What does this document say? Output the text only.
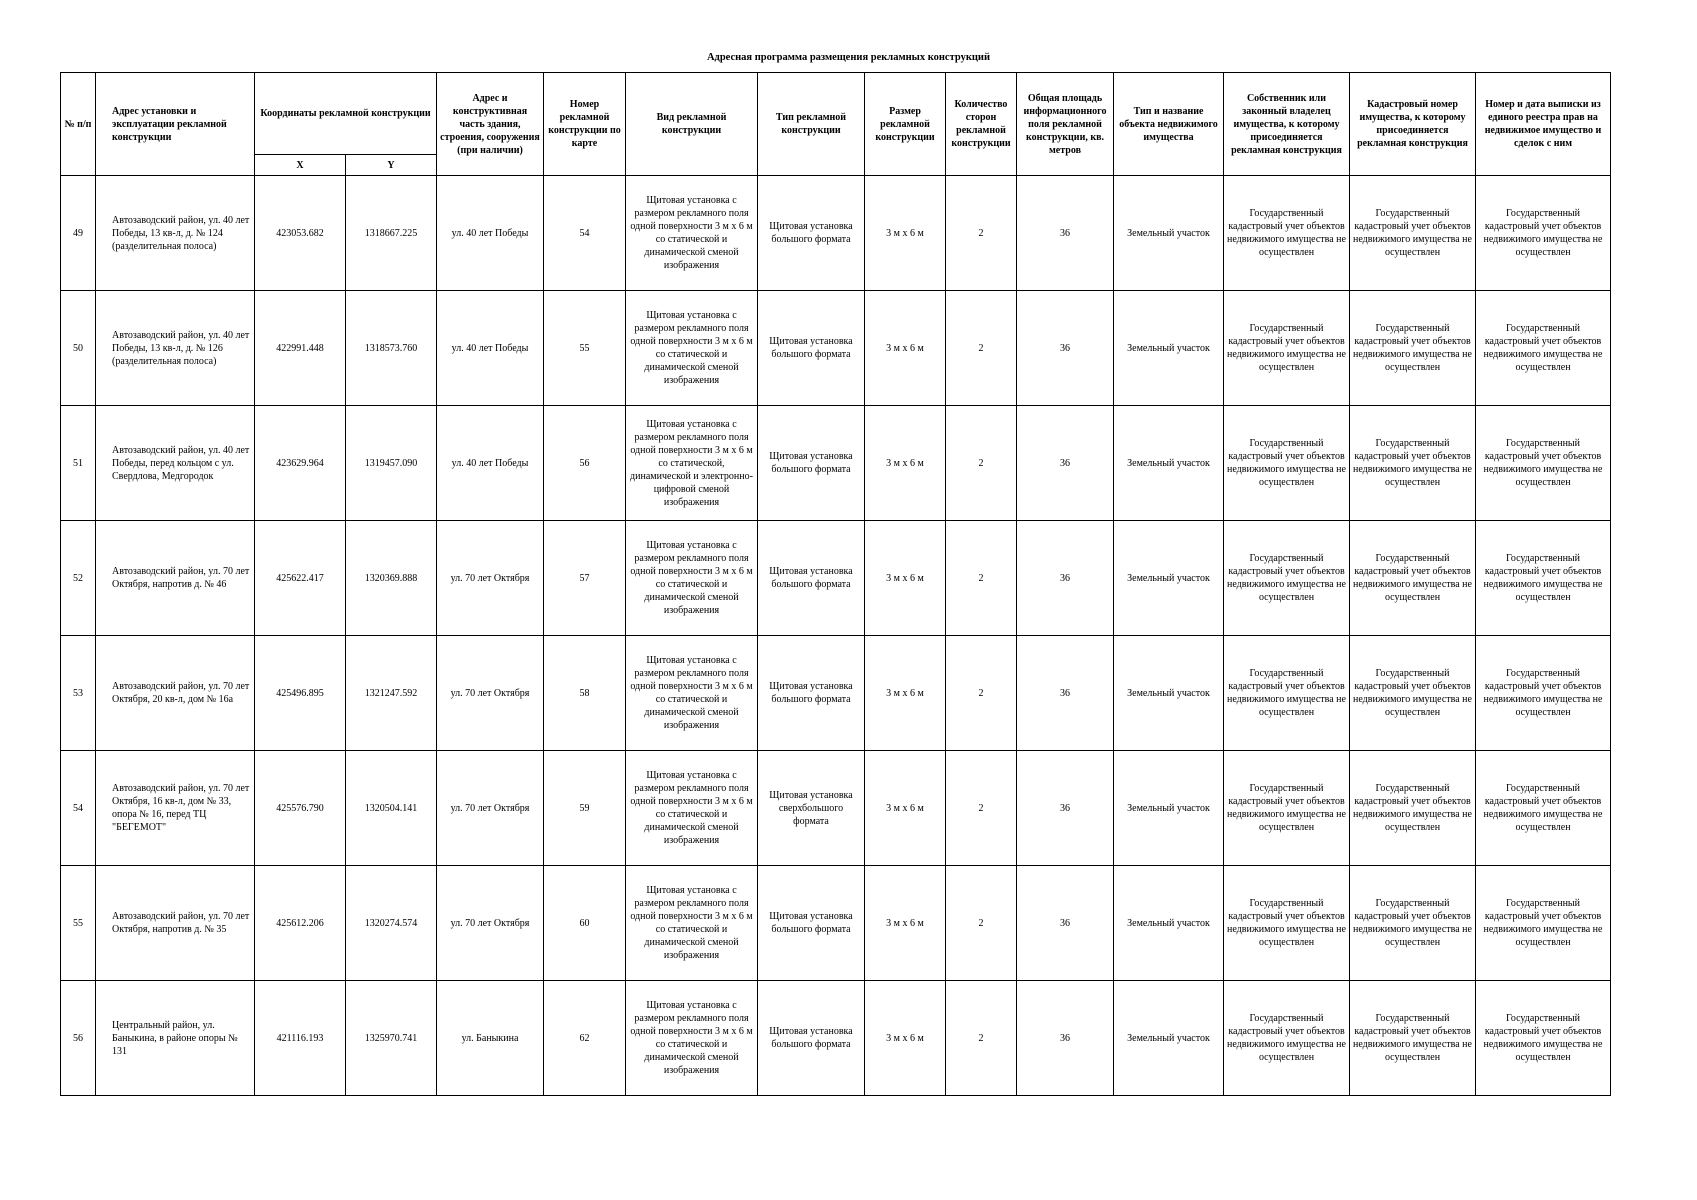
Адресная программа размещения рекламных конструкций
№ п/п	Адрес установки и эксплуатации рекламной конструкции	Координаты рекламной конструкции		Адрес и конструктивная часть здания, строения, сооружения (при наличии)	Номер рекламной конструкции по карте	Вид рекламной конструкции	Тип рекламной конструкции	Размер рекламной конструкции	Количество сторон рекламной конструкции	Общая площадь информационного поля рекламной конструкции, кв. метров	Тип и название объекта недвижимого имущества	Собственник или законный владелец имущества, к которому присоединяется рекламная конструкция	Кадастровый номер имущества, к которому присоединяется рекламная конструкция	Номер и дата выписки из единого реестра прав на недвижимое имущество и сделок с ним
		X	Y											
49	Автозаводский район, ул. 40 лет Победы, 13 кв-л, д. № 124 (разделительная полоса)	423053.682	1318667.225	ул. 40 лет Победы	54	Щитовая установка с размером рекламного поля одной поверхности 3 м х 6 м со статической и динамической сменой изображения	Щитовая установка большого формата	3 м х 6 м	2	36	Земельный участок	Государственный кадастровый учет объектов недвижимого имущества не осуществлен	Государственный кадастровый учет объектов недвижимого имущества не осуществлен	Государственный кадастровый учет объектов недвижимого имущества не осуществлен
50	Автозаводский район, ул. 40 лет Победы, 13 кв-л, д. № 126 (разделительная полоса)	422991.448	1318573.760	ул. 40 лет Победы	55	Щитовая установка с размером рекламного поля одной поверхности 3 м х 6 м со статической и динамической сменой изображения	Щитовая установка большого формата	3 м х 6 м	2	36	Земельный участок	Государственный кадастровый учет объектов недвижимого имущества не осуществлен	Государственный кадастровый учет объектов недвижимого имущества не осуществлен	Государственный кадастровый учет объектов недвижимого имущества не осуществлен
51	Автозаводский район, ул. 40 лет Победы, перед кольцом с ул. Свердлова, Медгородок	423629.964	1319457.090	ул. 40 лет Победы	56	Щитовая установка с размером рекламного поля одной поверхности 3 м х 6 м со статической, динамической и электронно-цифровой сменой изображения	Щитовая установка большого формата	3 м х 6 м	2	36	Земельный участок	Государственный кадастровый учет объектов недвижимого имущества не осуществлен	Государственный кадастровый учет объектов недвижимого имущества не осуществлен	Государственный кадастровый учет объектов недвижимого имущества не осуществлен
52	Автозаводский район, ул. 70 лет Октября, напротив д. № 46	425622.417	1320369.888	ул. 70 лет Октября	57	Щитовая установка с размером рекламного поля одной поверхности 3 м х 6 м со статической и динамической сменой изображения	Щитовая установка большого формата	3 м х 6 м	2	36	Земельный участок	Государственный кадастровый учет объектов недвижимого имущества не осуществлен	Государственный кадастровый учет объектов недвижимого имущества не осуществлен	Государственный кадастровый учет объектов недвижимого имущества не осуществлен
53	Автозаводский район, ул. 70 лет Октября, 20 кв-л, дом № 16а	425496.895	1321247.592	ул. 70 лет Октября	58	Щитовая установка с размером рекламного поля одной поверхности 3 м х 6 м со статической и динамической сменой изображения	Щитовая установка большого формата	3 м х 6 м	2	36	Земельный участок	Государственный кадастровый учет объектов недвижимого имущества не осуществлен	Государственный кадастровый учет объектов недвижимого имущества не осуществлен	Государственный кадастровый учет объектов недвижимого имущества не осуществлен
54	Автозаводский район, ул. 70 лет Октября, 16 кв-л, дом № 33, опора № 16, перед ТЦ "БЕГЕМОТ"	425576.790	1320504.141	ул. 70 лет Октября	59	Щитовая установка с размером рекламного поля одной поверхности 3 м х 6 м со статической и динамической сменой изображения	Щитовая установка сверхбольшого формата	3 м х 6 м	2	36	Земельный участок	Государственный кадастровый учет объектов недвижимого имущества не осуществлен	Государственный кадастровый учет объектов недвижимого имущества не осуществлен	Государственный кадастровый учет объектов недвижимого имущества не осуществлен
55	Автозаводский район, ул. 70 лет Октября, напротив д. № 35	425612.206	1320274.574	ул. 70 лет Октября	60	Щитовая установка с размером рекламного поля одной поверхности 3 м х 6 м со статической и динамической сменой изображения	Щитовая установка большого формата	3 м х 6 м	2	36	Земельный участок	Государственный кадастровый учет объектов недвижимого имущества не осуществлен	Государственный кадастровый учет объектов недвижимого имущества не осуществлен	Государственный кадастровый учет объектов недвижимого имущества не осуществлен
56	Центральный район, ул. Баныкина, в районе опоры № 131	421116.193	1325970.741	ул. Баныкина	62	Щитовая установка с размером рекламного поля одной поверхности 3 м х 6 м со статической и динамической сменой изображения	Щитовая установка большого формата	3 м х 6 м	2	36	Земельный участок	Государственный кадастровый учет объектов недвижимого имущества не осуществлен	Государственный кадастровый учет объектов недвижимого имущества не осуществлен	Государственный кадастровый учет объектов недвижимого имущества не осуществлен
